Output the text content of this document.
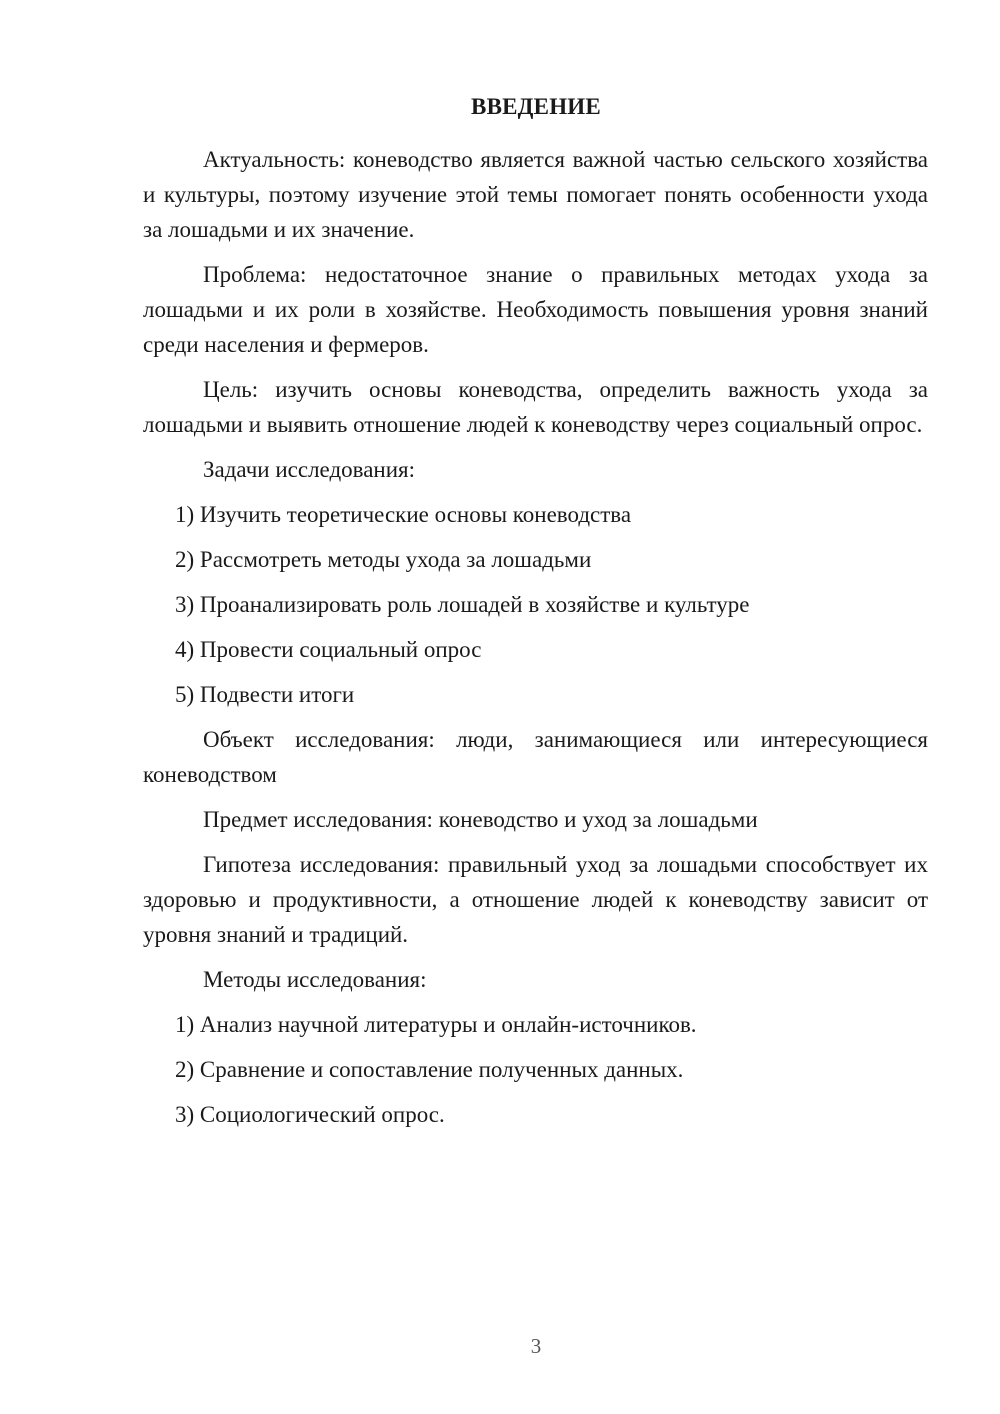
ВВЕДЕНИЕ

Актуальность: коневодство является важной частью сельского хозяйства и культуры, поэтому изучение этой темы помогает понять особенности ухода за лошадьми и их значение.

Проблема: недостаточное знание о правильных методах ухода за лошадьми и их роли в хозяйстве. Необходимость повышения уровня знаний среди населения и фермеров.

Цель: изучить основы коневодства, определить важность ухода за лошадьми и выявить отношение людей к коневодству через социальный опрос.

Задачи исследования:

1) Изучить теоретические основы коневодства

2) Рассмотреть методы ухода за лошадьми

3) Проанализировать роль лошадей в хозяйстве и культуре

4) Провести социальный опрос

5) Подвести итоги

Объект исследования: люди, занимающиеся или интересующиеся коневодством

Предмет исследования: коневодство и уход за лошадьми

Гипотеза исследования: правильный уход за лошадьми способствует их здоровью и продуктивности, а отношение людей к коневодству зависит от уровня знаний и традиций.

Методы исследования:

1) Анализ научной литературы и онлайн-источников.

2) Сравнение и сопоставление полученных данных.

3) Социологический опрос.

3
